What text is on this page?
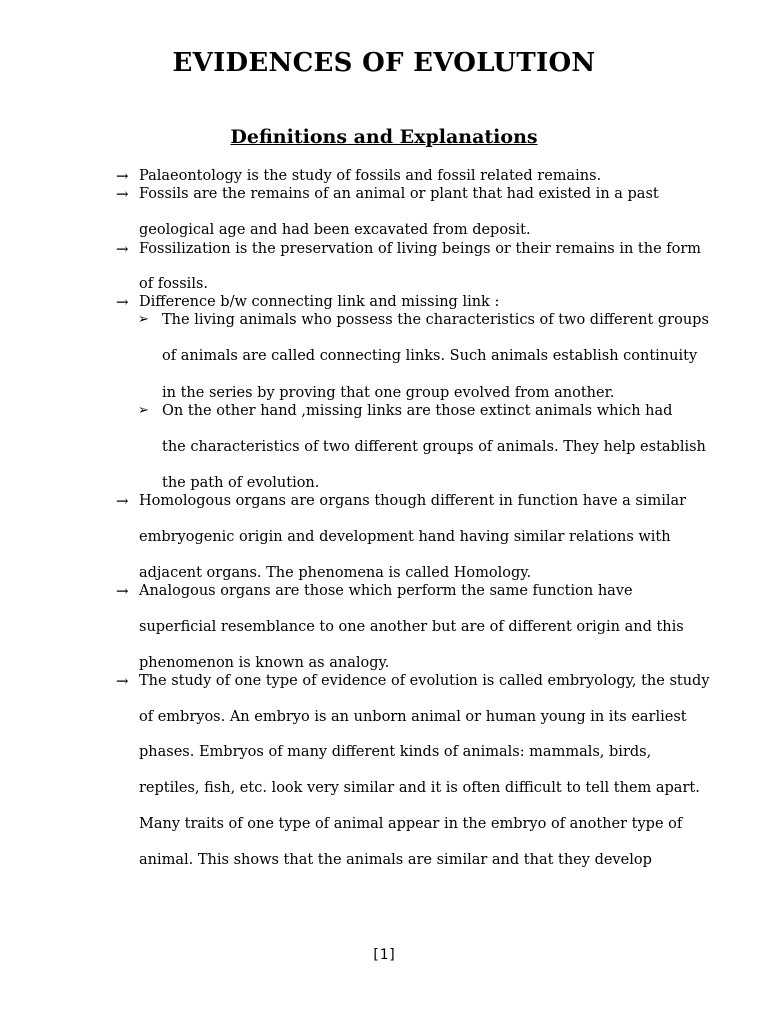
EVIDENCES OF EVOLUTION
Definitions and Explanations
→
→
→
→
→
→
→
➢
➢
Palaeontology is the study of fossils and fossil related remains.
Fossils are the remains of an animal or plant that had existed in a past
geological age and had been excavated from deposit.
Fossilization is the preservation of living beings or their remains in the form
of fossils.
Difference b/w connecting link and missing link :
The living animals who possess the characteristics of two different groups
of animals are called connecting links. Such animals establish continuity
in the series by proving that one group evolved from another.
On the other hand ,missing links are those extinct animals which had
the characteristics of two different groups of animals. They help establish
the path of evolution.
Homologous organs are organs though different in function have a similar
embryogenic origin and development hand having similar relations with
adjacent organs. The phenomena is called Homology.
Analogous organs are those which perform the same function have
superficial resemblance to one another but are of different origin and this
phenomenon is known as analogy.
The study of one type of evidence of evolution is called embryology, the study
of embryos. An embryo is an unborn animal or human young in its earliest
phases. Embryos of many different kinds of animals: mammals, birds,
reptiles, fish, etc. look very similar and it is often difficult to tell them apart.
Many traits of one type of animal appear in the embryo of another type of
animal. This shows that the animals are similar and that they develop
[1]
